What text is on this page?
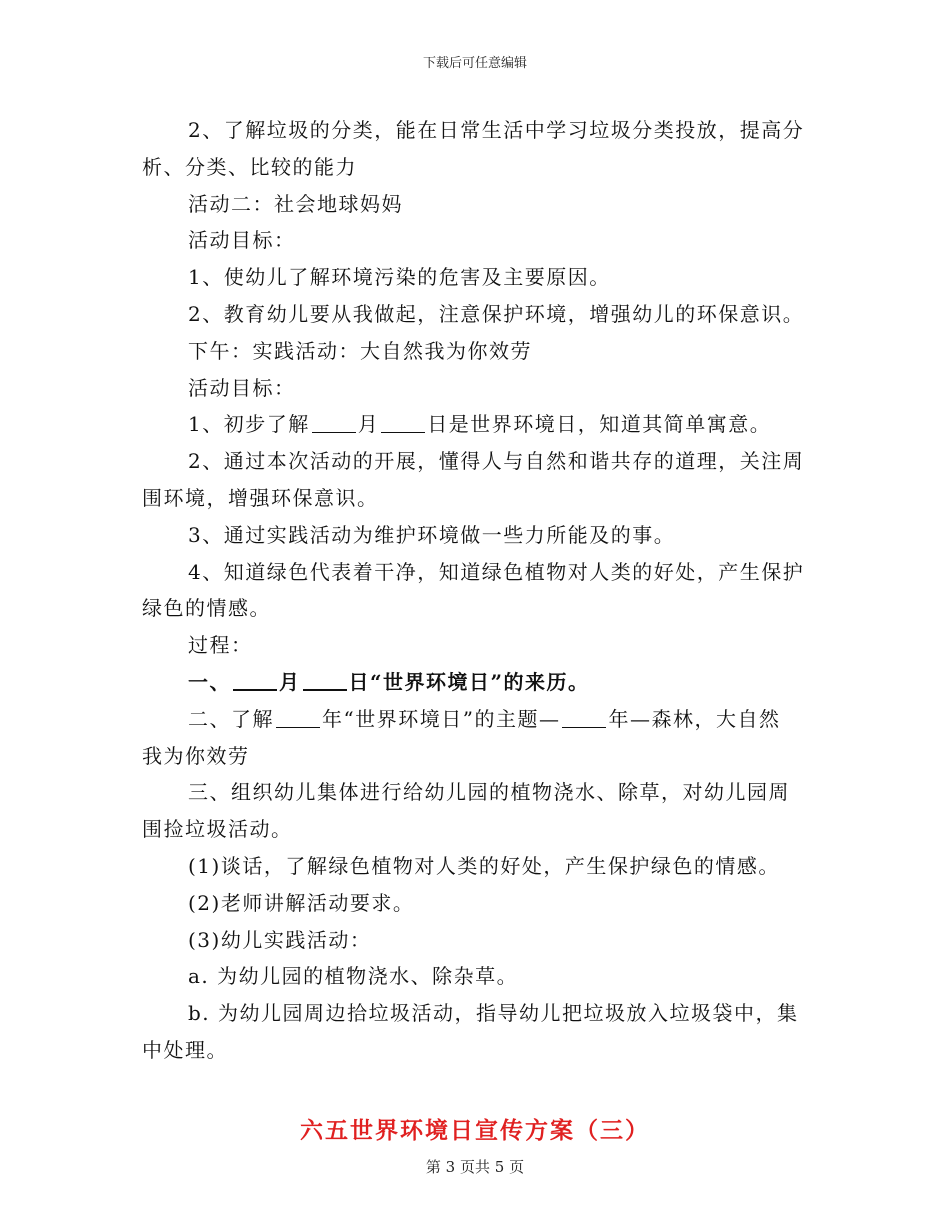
下载后可任意编辑
2、了解垃圾的分类，能在日常生活中学习垃圾分类投放，提高分
析、分类、比较的能力
活动二：社会地球妈妈
活动目标：
1、使幼儿了解环境污染的危害及主要原因。
2、教育幼儿要从我做起，注意保护环境，增强幼儿的环保意识。
下午：实践活动：大自然我为你效劳
活动目标：
1、初步了解 月 日是世界环境日，知道其简单寓意。
2、通过本次活动的开展，懂得人与自然和谐共存的道理，关注周
围环境，增强环保意识。
3、通过实践活动为维护环境做一些力所能及的事。
4、知道绿色代表着干净，知道绿色植物对人类的好处，产生保护
绿色的情感。
过程：
一、 月 日“世界环境日”的来历。
二、了解 年“世界环境日”的主题— 年—森林，大自然
我为你效劳
三、组织幼儿集体进行给幼儿园的植物浇水、除草，对幼儿园周
围捡垃圾活动。
(1)谈话，了解绿色植物对人类的好处，产生保护绿色的情感。
(2)老师讲解活动要求。
(3)幼儿实践活动：
a. 为幼儿园的植物浇水、除杂草。
b. 为幼儿园周边拾垃圾活动，指导幼儿把垃圾放入垃圾袋中，集
中处理。
六五世界环境日宣传方案（三）
第 3 页共 5 页
